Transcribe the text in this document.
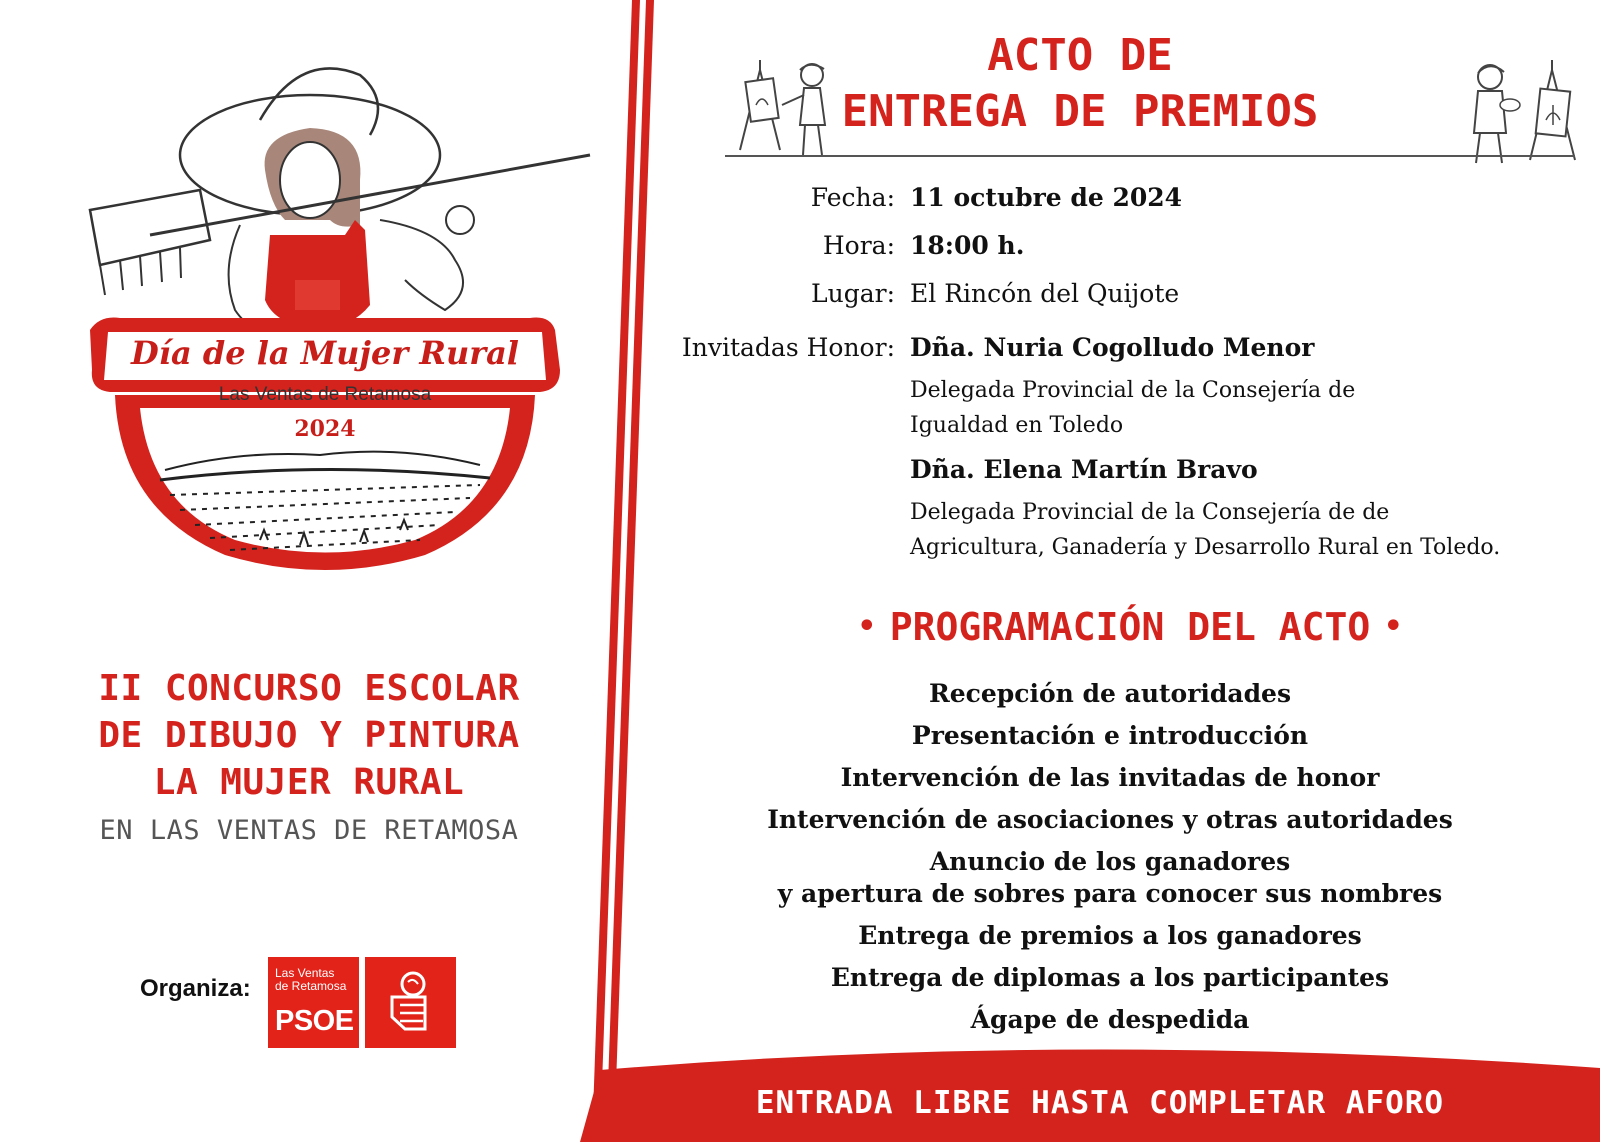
Día de la Mujer Rural
Las Ventas de Retamosa
2024
II CONCURSO ESCOLAR
DE DIBUJO Y PINTURA
LA MUJER RURAL
EN LAS VENTAS DE RETAMOSA
Organiza:
Las Ventas
de Retamosa
PSOE
ACTO DE
ENTREGA DE PREMIOS
Fecha: 11 octubre de 2024
Hora: 18:00 h.
Lugar: El Rincón del Quijote
Invitadas Honor: Dña. Nuria Cogolludo Menor
Delegada Provincial de la Consejería de
Igualdad en Toledo
Dña. Elena Martín Bravo
Delegada Provincial de la Consejería de de
Agricultura, Ganadería y Desarrollo Rural en Toledo.
• PROGRAMACIÓN DEL ACTO •
Recepción de autoridades
Presentación e introducción
Intervención de las invitadas de honor
Intervención de asociaciones y otras autoridades
Anuncio de los ganadores
y apertura de sobres para conocer sus nombres
Entrega de premios a los ganadores
Entrega de diplomas a los participantes
Ágape de despedida
ENTRADA LIBRE HASTA COMPLETAR AFORO
